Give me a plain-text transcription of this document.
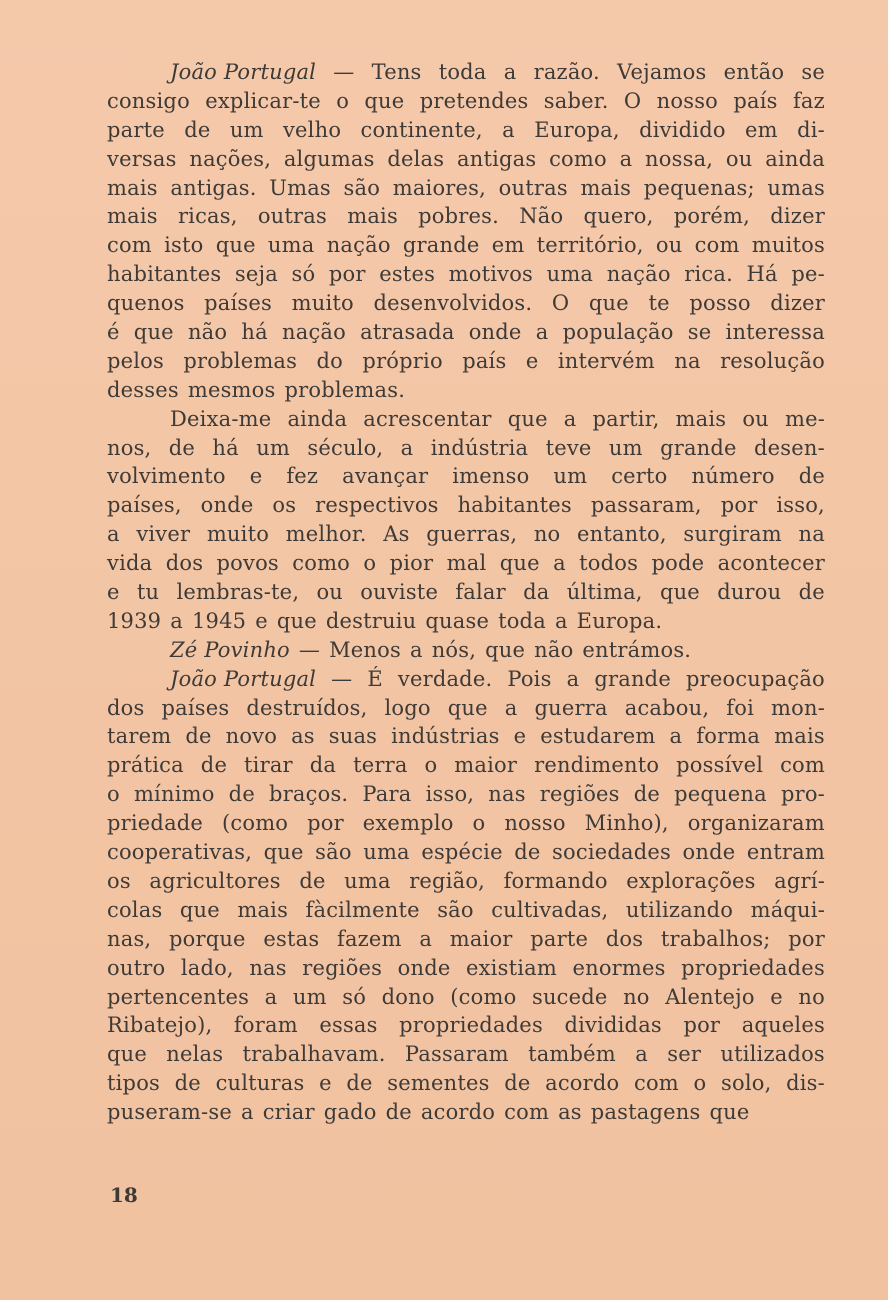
João Portugal — Tens toda a razão. Vejamos então se
consigo explicar-te o que pretendes saber. O nosso país faz
parte de um velho continente, a Europa, dividido em di-
versas nações, algumas delas antigas como a nossa, ou ainda
mais antigas. Umas são maiores, outras mais pequenas; umas
mais ricas, outras mais pobres. Não quero, porém, dizer
com isto que uma nação grande em território, ou com muitos
habitantes seja só por estes motivos uma nação rica. Há pe-
quenos países muito desenvolvidos. O que te posso dizer
é que não há nação atrasada onde a população se interessa
pelos problemas do próprio país e intervém na resolução
desses mesmos problemas.
Deixa-me ainda acrescentar que a partir, mais ou me-
nos, de há um século, a indústria teve um grande desen-
volvimento e fez avançar imenso um certo número de
países, onde os respectivos habitantes passaram, por isso,
a viver muito melhor. As guerras, no entanto, surgiram na
vida dos povos como o pior mal que a todos pode acontecer
e tu lembras-te, ou ouviste falar da última, que durou de
1939 a 1945 e que destruiu quase toda a Europa.
Zé Povinho — Menos a nós, que não entrámos.
João Portugal — É verdade. Pois a grande preocupação
dos países destruídos, logo que a guerra acabou, foi mon-
tarem de novo as suas indústrias e estudarem a forma mais
prática de tirar da terra o maior rendimento possível com
o mínimo de braços. Para isso, nas regiões de pequena pro-
priedade (como por exemplo o nosso Minho), organizaram
cooperativas, que são uma espécie de sociedades onde entram
os agricultores de uma região, formando explorações agrí-
colas que mais fàcilmente são cultivadas, utilizando máqui-
nas, porque estas fazem a maior parte dos trabalhos; por
outro lado, nas regiões onde existiam enormes propriedades
pertencentes a um só dono (como sucede no Alentejo e no
Ribatejo), foram essas propriedades divididas por aqueles
que nelas trabalhavam. Passaram também a ser utilizados
tipos de culturas e de sementes de acordo com o solo, dis-
puseram-se a criar gado de acordo com as pastagens que
18
